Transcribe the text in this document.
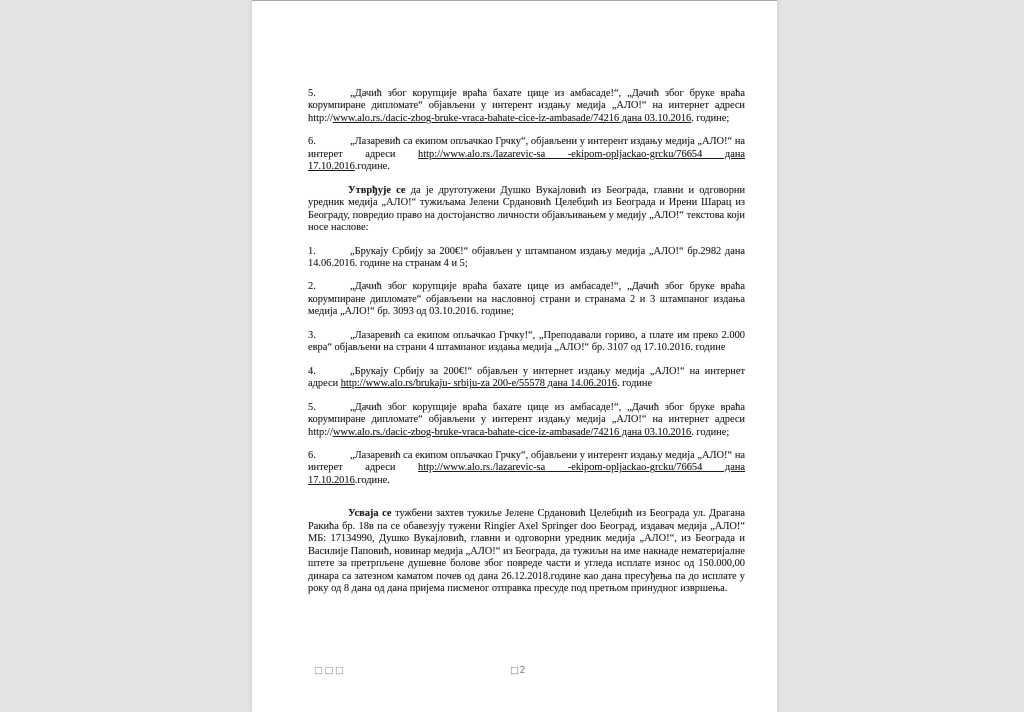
5.	„Дачић због корупције враћа бахате цице из амбасаде!“, „Дачић због бруке враћа корумпиране дипломате“ објављени у интерент издању медија „АЛО!“ на интернет адреси http://www.alo.rs./dacic-zbog-bruke-vraca-bahate-cice-iz-ambasade/74216 дана 03.10.2016. године;

6.	„Лазаревић са екипом опљачкао Грчку“, објављени у интерент издању медија „АЛО!“ на интерет адреси http://www.alo.rs./lazarevic-sa -ekipom-opljackao-grcku/76654 дана 17.10.2016.године.

Утврђује се да је друготужени Душко Вукајловић из Београда, главни и одговорни уредник медија „АЛО!“ тужиљама Јелени Срдановић Целебџић из Београда и Ирени Шарац из Београду, повредио право на достојанство личности објављивањем у медију „АЛО!“ текстова који носе наслове:

1.	„Брукају Србију за 200€!“ објављен у штампаном издању медија „АЛО!“ бр.2982 дана 14.06.2016. године на странам 4 и 5;

2.	„Дачић због корупције враћа бахате цице из амбасаде!“, „Дачић због бруке враћа корумпиране дипломате“ објављени на насловној страни и странама 2 и 3 штампаног издања медија „АЛО!“ бр. 3093 од 03.10.2016. године;

3.	„Лазаревић са екипом опљачкао Грчку!“, „Преподавали гориво, а плате им преко 2.000 евра“ објављени на страни 4 штампаног издања медија „АЛО!“ бр. 3107 од 17.10.2016. године

4.	„Брукају Србију за 200€!“ објављен у интернет издању медија „АЛО!“ на интернет адреси http://www.alo.rs/brukaju- srbiju-za 200-e/55578 дана 14.06.2016. године

5.	„Дачић због корупције враћа бахате цице из амбасаде!“, „Дачић због бруке враћа корумпиране дипломате“ објављени у интерент издању медија „АЛО!“ на интернет адреси http://www.alo.rs./dacic-zbog-bruke-vraca-bahate-cice-iz-ambasade/74216 дана 03.10.2016. године;

6.	„Лазаревић са екипом опљачкао Грчку“, објављени у интерент издању медија „АЛО!“ на интерет адреси http://www.alo.rs./lazarevic-sa -ekipom-opljackao-grcku/76654 дана 17.10.2016.године.

Усваја се тужбени захтев тужиље Јелене Срдановић Целебџић из Београда ул. Драгана Ракића бр. 18в па се обавезују тужени Ringier Axel Springer doo Београд, издавач медија „АЛО!“ МБ: 17134990, Душко Вукајловић, главни и одговорни уредник медија „АЛО!“, из Београда и Василије Паповић, новинар медија „АЛО!“ из Београда, да тужиљи на име накнаде нематеријалне штете за претрпљене душевне болове због повреде части и угледа исплате износ од 150.000,00 динара са затезном каматом почев од дана 26.12.2018.године као дана пресуђења па до исплате у року од 8 дана од дана пријема писменог отправка пресуде под претњом принудног извршења.

□□□	□2
